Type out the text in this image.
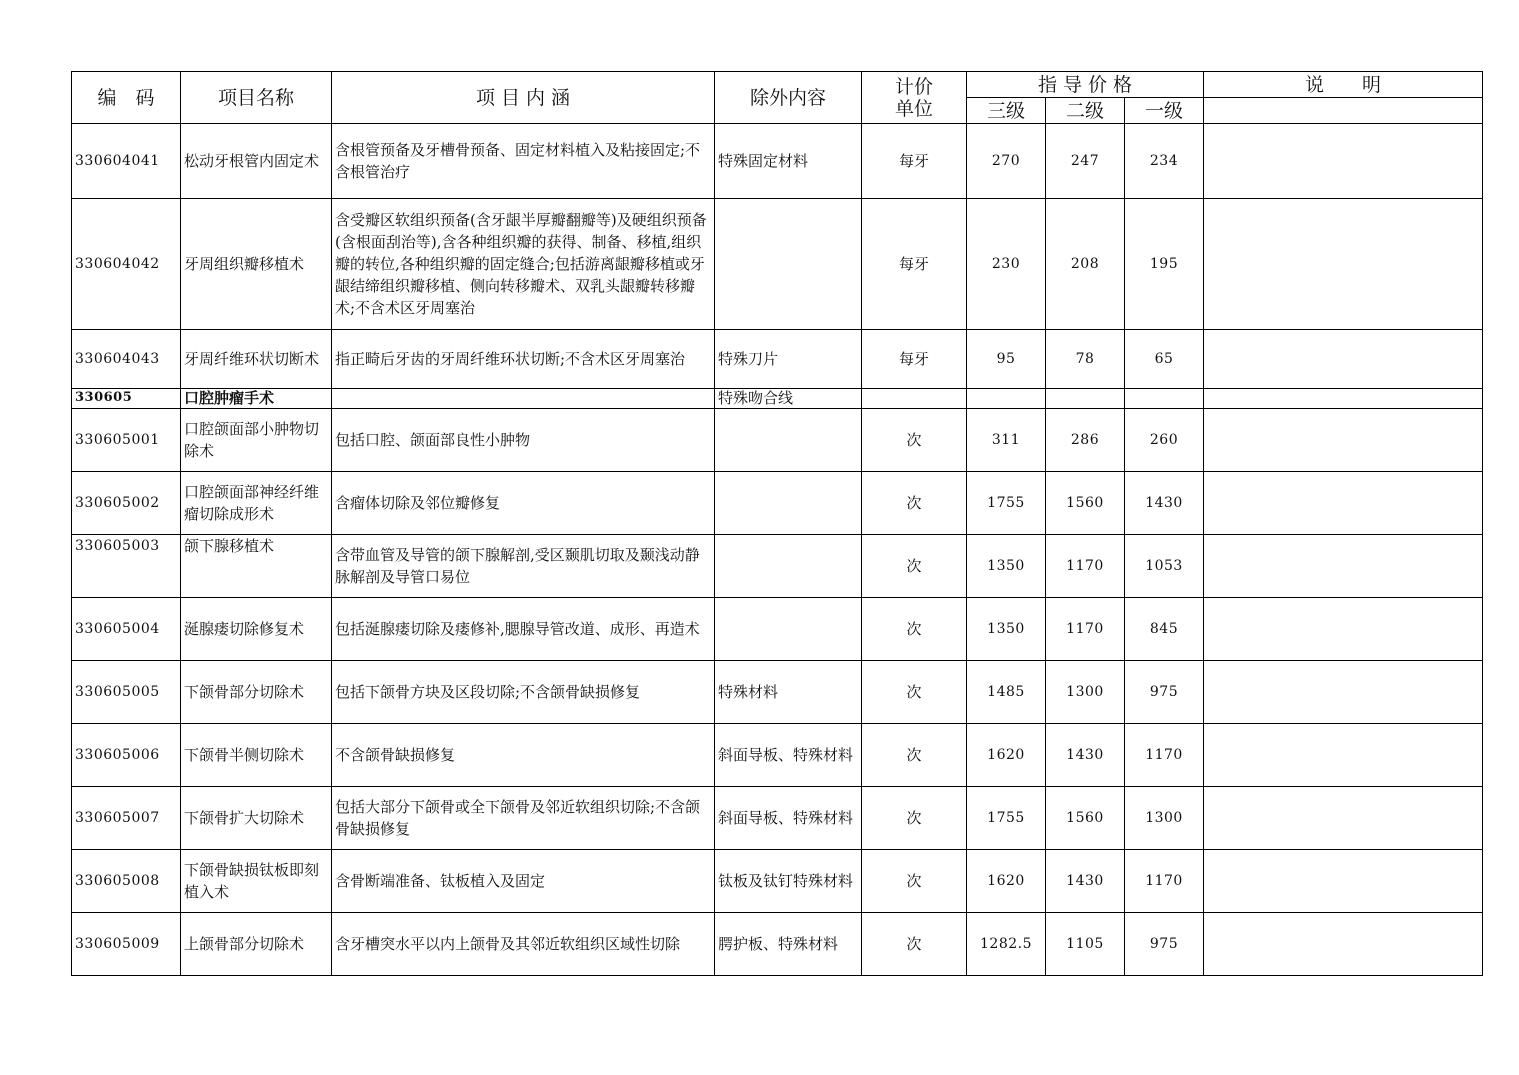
编　码	项目名称	项 目 内 涵	除外内容	计价单位	指 导 价 格			说　　明
					三级	二级	一级	
330604041	松动牙根管内固定术	含根管预备及牙槽骨预备、固定材料植入及粘接固定;不含根管治疗	特殊固定材料	每牙	270	247	234	
330604042	牙周组织瓣移植术	含受瓣区软组织预备(含牙龈半厚瓣翻瓣等)及硬组织预备(含根面刮治等),含各种组织瓣的获得、制备、移植,组织瓣的转位,各种组织瓣的固定缝合;包括游离龈瓣移植或牙龈结缔组织瓣移植、侧向转移瓣术、双乳头龈瓣转移瓣术;不含术区牙周塞治		每牙	230	208	195	
330604043	牙周纤维环状切断术	指正畸后牙齿的牙周纤维环状切断;不含术区牙周塞治	特殊刀片	每牙	95	78	65	
330605	口腔肿瘤手术		特殊吻合线					
330605001	口腔颌面部小肿物切除术	包括口腔、颌面部良性小肿物		次	311	286	260	
330605002	口腔颌面部神经纤维瘤切除成形术	含瘤体切除及邻位瓣修复		次	1755	1560	1430	
330605003	颌下腺移植术	含带血管及导管的颌下腺解剖,受区颞肌切取及颞浅动静脉解剖及导管口易位		次	1350	1170	1053	
330605004	涎腺瘘切除修复术	包括涎腺瘘切除及瘘修补,腮腺导管改道、成形、再造术		次	1350	1170	845	
330605005	下颌骨部分切除术	包括下颌骨方块及区段切除;不含颌骨缺损修复	特殊材料	次	1485	1300	975	
330605006	下颌骨半侧切除术	不含颌骨缺损修复	斜面导板、特殊材料	次	1620	1430	1170	
330605007	下颌骨扩大切除术	包括大部分下颌骨或全下颌骨及邻近软组织切除;不含颌骨缺损修复	斜面导板、特殊材料	次	1755	1560	1300	
330605008	下颌骨缺损钛板即刻植入术	含骨断端准备、钛板植入及固定	钛板及钛钉特殊材料	次	1620	1430	1170	
330605009	上颌骨部分切除术	含牙槽突水平以内上颌骨及其邻近软组织区域性切除	腭护板、特殊材料	次	1282.5	1105	975	
